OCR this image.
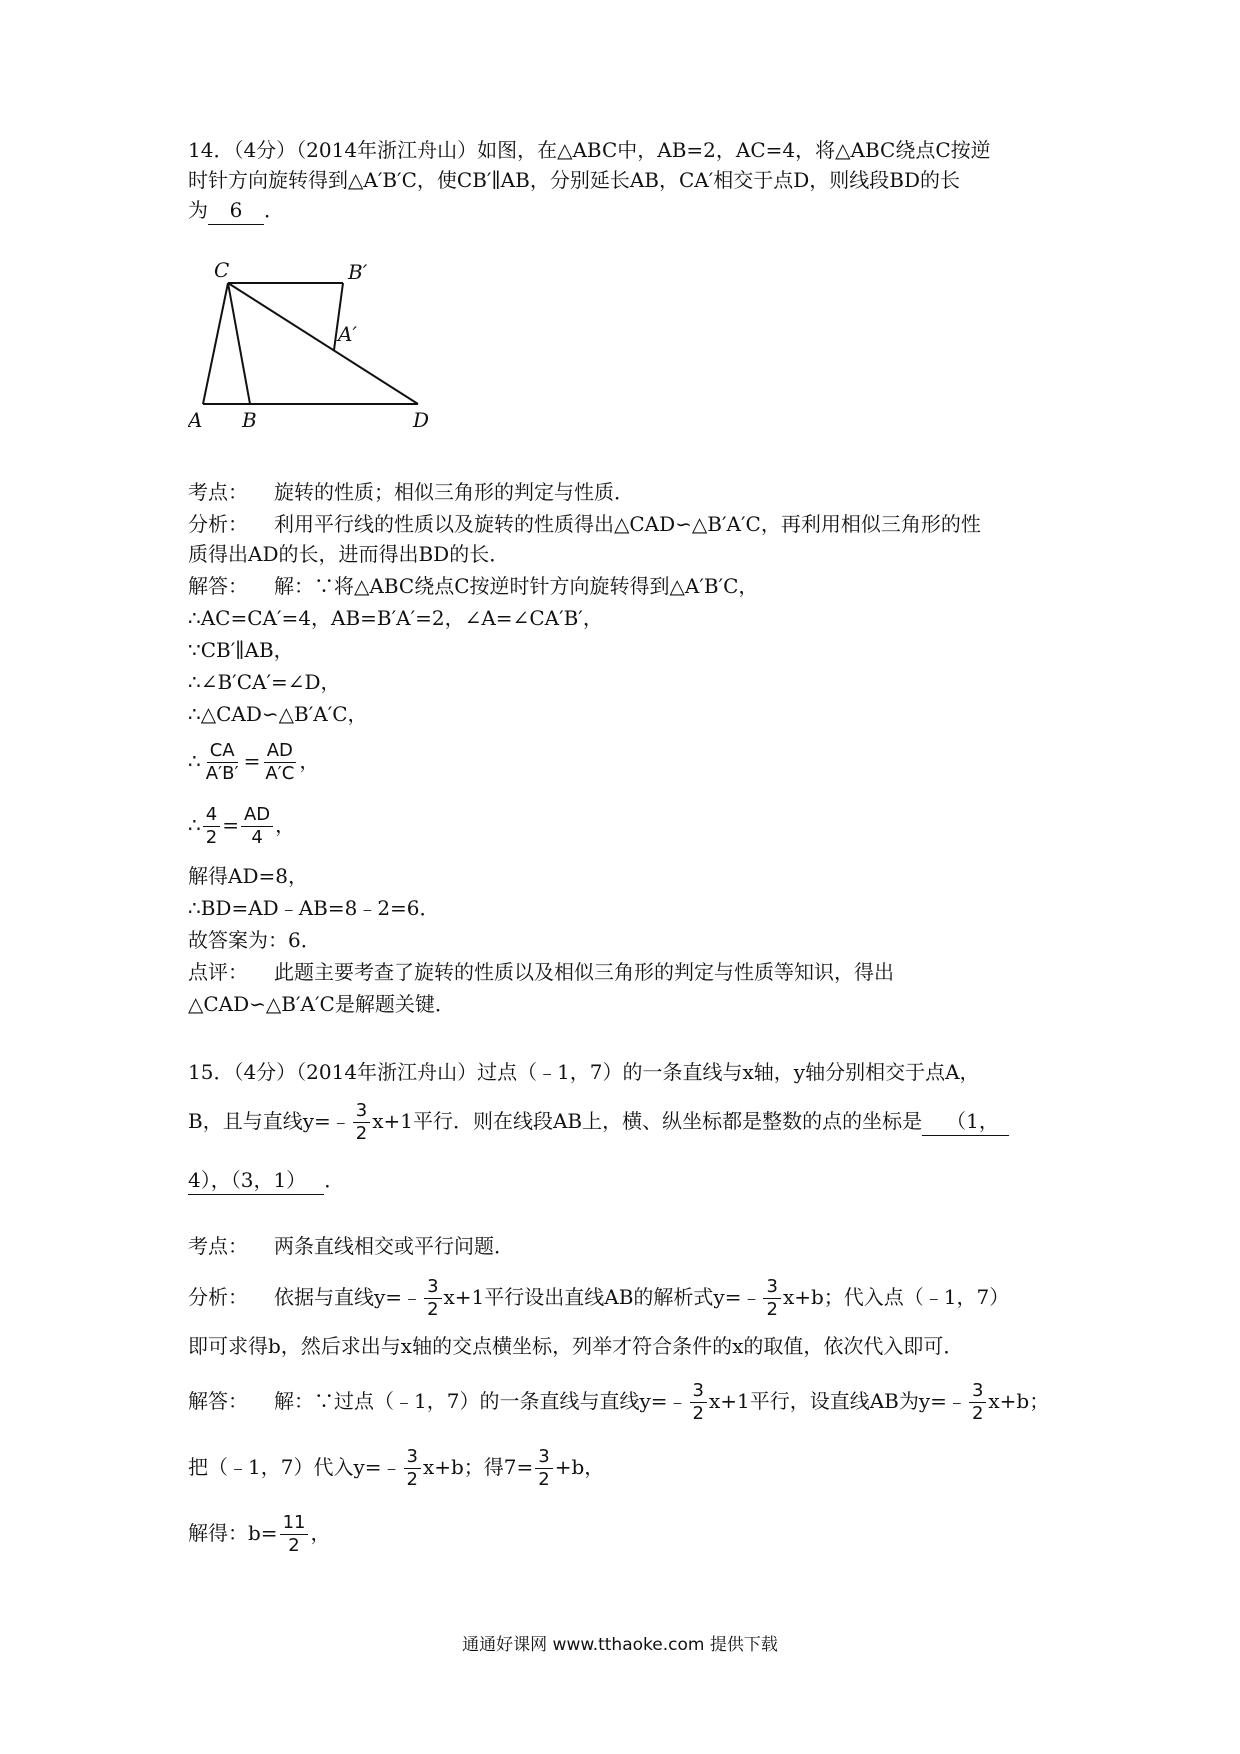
14．（4分）（2014年浙江舟山）如图，在△ABC中，AB=2，AC=4，将△ABC绕点C按逆
时针方向旋转得到△A′B′C，使CB′∥AB，分别延长AB，CA′相交于点D，则线段BD的长
为 6 ．
C	B′
A′
A B	D
考点： 旋转的性质；相似三角形的判定与性质．
分析： 利用平行线的性质以及旋转的性质得出△CAD∽△B′A′C，再利用相似三角形的性
质得出AD的长，进而得出BD的长．
解答： 解：∵将△ABC绕点C按逆时针方向旋转得到△A′B′C，
∴AC=CA′=4，AB=B′A′=2，∠A=∠CA′B′，
∵CB′∥AB，
∴∠B′CA′=∠D，
∴△CAD∽△B′A′C，
∴ $\frac{CA}{A'B'} = \frac{AD}{A'C}$ ，
∴ $\frac{4}{2} = \frac{AD}{4}$ ，
解得AD=8，
∴BD=AD﹣AB=8﹣2=6．
故答案为：6．
点评： 此题主要考查了旋转的性质以及相似三角形的判定与性质等知识，得出
△CAD∽△B′A′C是解题关键．
15．（4分）（2014年浙江舟山）过点（﹣1，7）的一条直线与x轴，y轴分别相交于点A，
B，且与直线y=﹣ $\frac{3}{2} x+1$平行．则在线段AB上，横、纵坐标都是整数的点的坐标是 （1，
4），（3，1） ．
考点： 两条直线相交或平行问题．
分析： 依据与直线y=﹣ $\frac{3}{2} x+1$平行设出直线AB的解析式y=﹣ $\frac{3}{2} x+b$；代入点（﹣1，7）
即可求得b，然后求出与x轴的交点横坐标，列举才符合条件的x的取值，依次代入即可．
解答： 解：∵过点（﹣1，7）的一条直线与直线y=﹣ $\frac{3}{2} x+1$平行，设直线AB为y=﹣ $\frac{3}{2} x+b$；
把（﹣1，7）代入y=﹣ $\frac{3}{2} x+b$；得$7= \frac{3}{2} +b$，
解得：$b= \frac{11}{2}$ ，
通通好课网 www.tthaoke.com 提供下载
